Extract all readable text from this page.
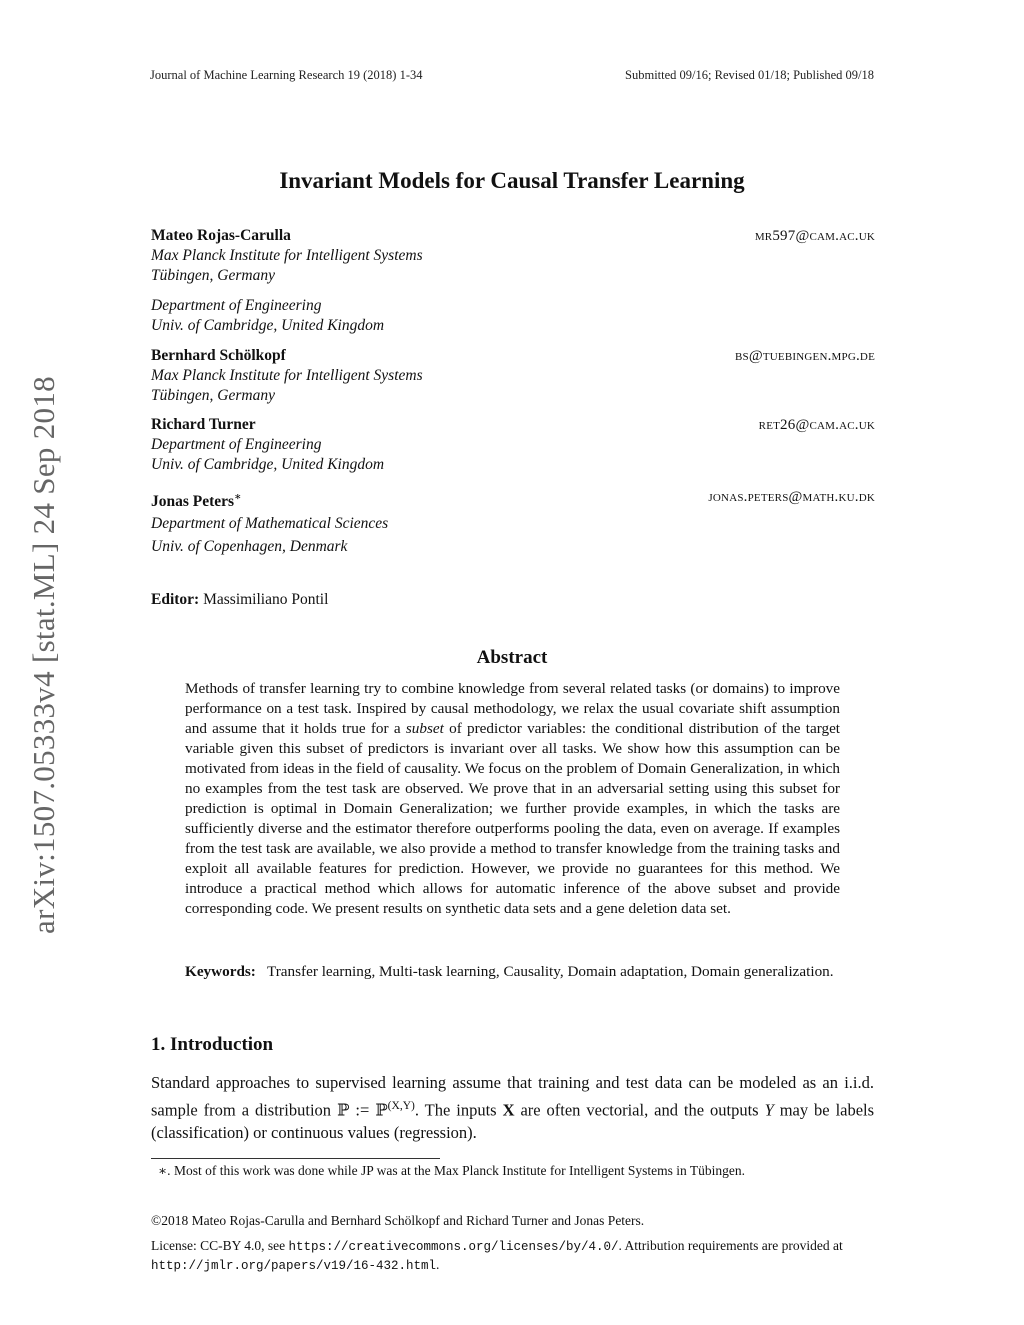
Journal of Machine Learning Research 19 (2018) 1-34	Submitted 09/16; Revised 01/18; Published 09/18
arXiv:1507.05333v4 [stat.ML] 24 Sep 2018
Invariant Models for Causal Transfer Learning
Mateo Rojas-Carulla	mr597@cam.ac.uk
Max Planck Institute for Intelligent Systems
Tübingen, Germany
Department of Engineering
Univ. of Cambridge, United Kingdom
Bernhard Schölkopf	bs@tuebingen.mpg.de
Max Planck Institute for Intelligent Systems
Tübingen, Germany
Richard Turner	ret26@cam.ac.uk
Department of Engineering
Univ. of Cambridge, United Kingdom
Jonas Peters∗	jonas.peters@math.ku.dk
Department of Mathematical Sciences
Univ. of Copenhagen, Denmark
Editor: Massimiliano Pontil
Abstract
Methods of transfer learning try to combine knowledge from several related tasks (or domains) to improve performance on a test task. Inspired by causal methodology, we relax the usual covariate shift assumption and assume that it holds true for a subset of predictor variables: the conditional distribution of the target variable given this subset of predictors is invariant over all tasks. We show how this assumption can be motivated from ideas in the field of causality. We focus on the problem of Domain Generalization, in which no examples from the test task are observed. We prove that in an adversarial setting using this subset for prediction is optimal in Domain Generalization; we further provide examples, in which the tasks are sufficiently diverse and the estimator therefore outperforms pooling the data, even on average. If examples from the test task are available, we also provide a method to transfer knowledge from the training tasks and exploit all available features for prediction. However, we provide no guarantees for this method. We introduce a practical method which allows for automatic inference of the above subset and provide corresponding code. We present results on synthetic data sets and a gene deletion data set.
Keywords: Transfer learning, Multi-task learning, Causality, Domain adaptation, Domain generalization.
1. Introduction
Standard approaches to supervised learning assume that training and test data can be modeled as an i.i.d. sample from a distribution ℙ := ℙ$^{(X,Y)}$. The inputs X are often vectorial, and the outputs Y may be labels (classification) or continuous values (regression).
∗. Most of this work was done while JP was at the Max Planck Institute for Intelligent Systems in Tübingen.
©2018 Mateo Rojas-Carulla and Bernhard Schölkopf and Richard Turner and Jonas Peters.
License: CC-BY 4.0, see https://creativecommons.org/licenses/by/4.0/. Attribution requirements are provided at http://jmlr.org/papers/v19/16-432.html.
